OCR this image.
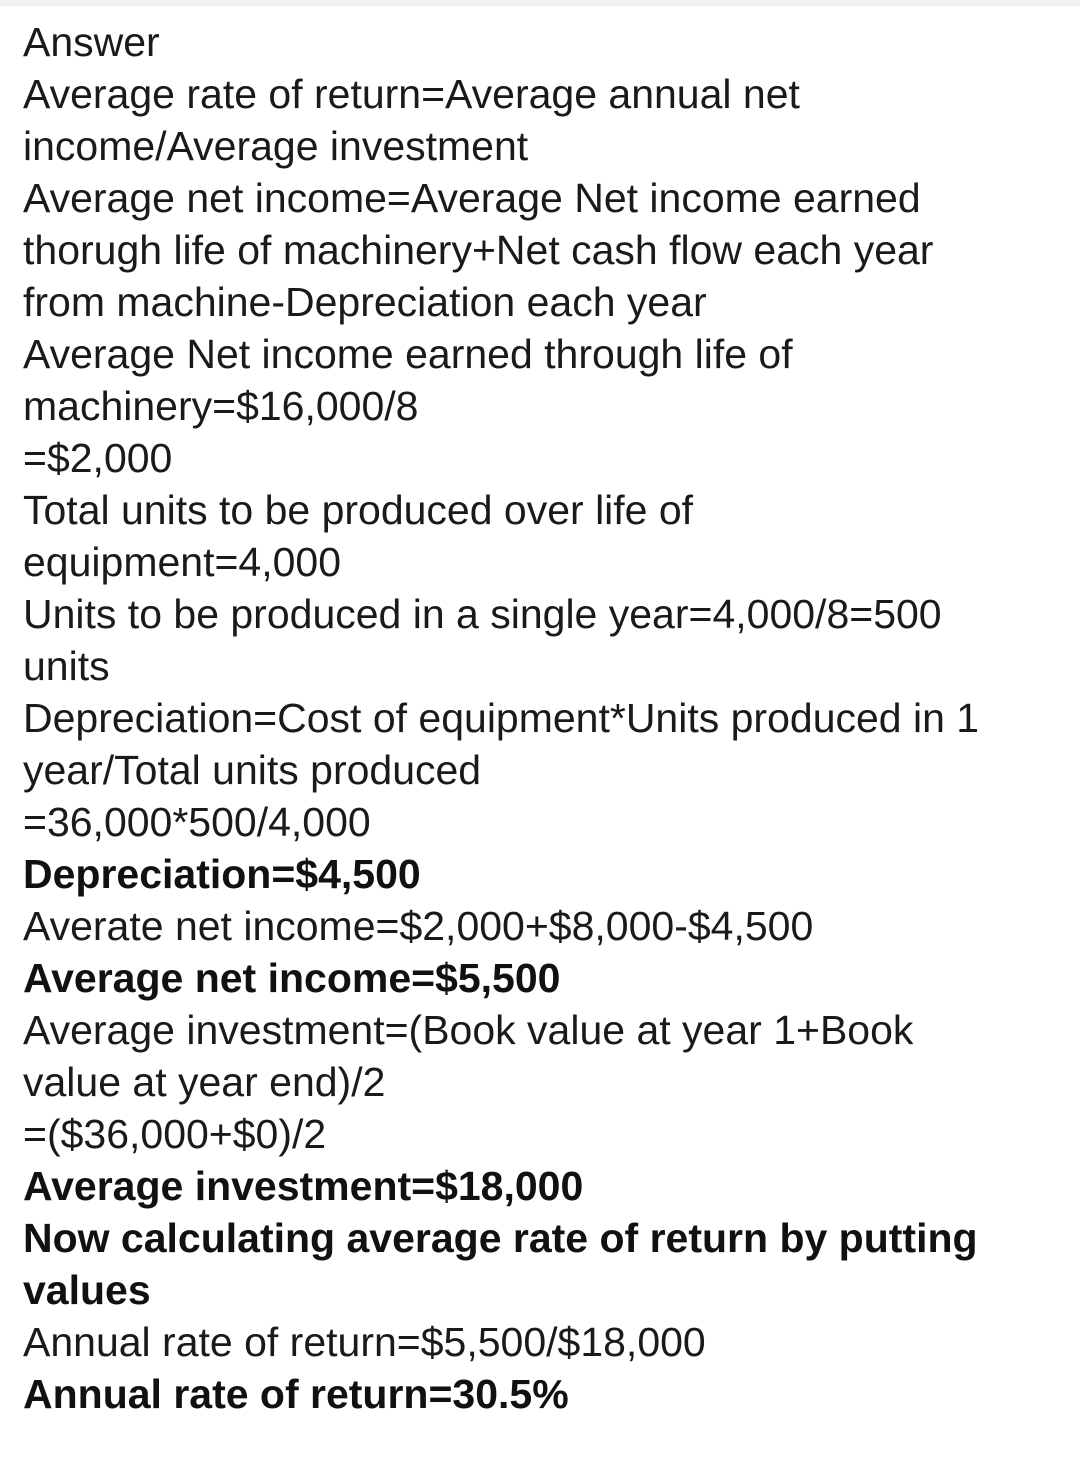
Answer
Average rate of return=Average annual net
income/Average investment
Average net income=Average Net income earned
thorugh life of machinery+Net cash flow each year
from machine-Depreciation each year
Average Net income earned through life of
machinery=$16,000/8
=$2,000
Total units to be produced over life of
equipment=4,000
Units to be produced in a single year=4,000/8=500
units
Depreciation=Cost of equipment*Units produced in 1
year/Total units produced
=36,000*500/4,000
Depreciation=$4,500
Averate net income=$2,000+$8,000-$4,500
Average net income=$5,500
Average investment=(Book value at year 1+Book
value at year end)/2
=($36,000+$0)/2
Average investment=$18,000
Now calculating average rate of return by putting
values
Annual rate of return=$5,500/$18,000
Annual rate of return=30.5%
